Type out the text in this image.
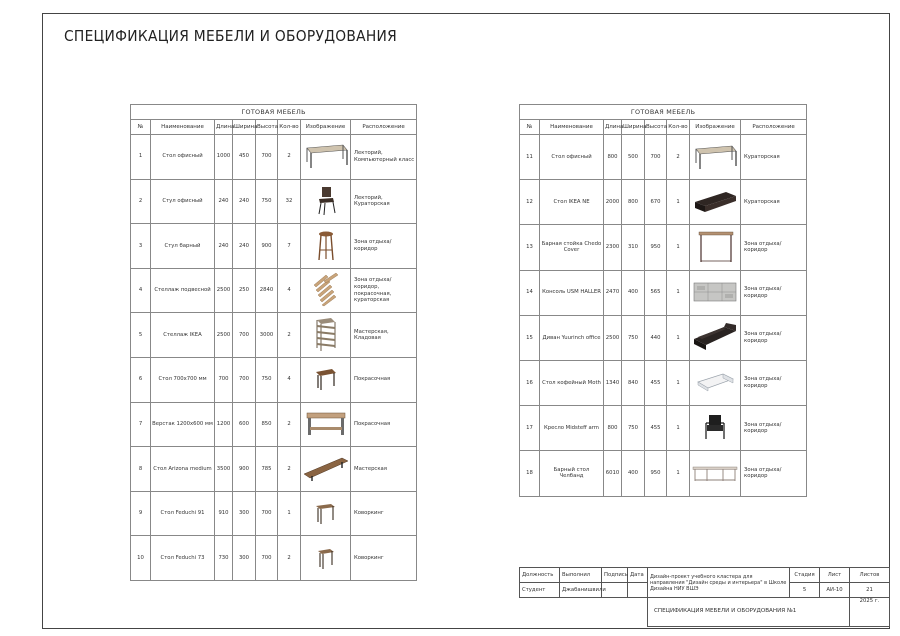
СПЕЦИФИКАЦИЯ МЕБЕЛИ И ОБОРУДОВАНИЯ
ГОТОВАЯ МЕБЕЛЬ							
№	Наименование	Длина	Ширина	Высота	Кол-во	Изображение	Расположение
1	Стол офисный	1000	450	700	2		Лекторий, Компьютерный класс
2	Стул офисный	240	240	750	32		Лекторий, Кураторская
3	Стул барный	240	240	900	7		Зона отдыха/ коридор
4	Стеллаж подвесной	2500	250	2840	4		Зона отдыха/ коридор, покрасочная, кураторская
5	Стеллаж IKEA	2500	700	3000	2		Мастерская, Кладовая
6	Стол 700х700 мм	700	700	750	4		Покрасочная
7	Верстак 1200х600 мм	1200	600	850	2		Покрасочная
8	Стол Arizona medium	3500	900	785	2		Мастерская
9	Стол Feduchi 91	910	300	700	1		Коворкинг
10	Стол Feduchi 73	730	300	700	2		Коворкинг
ГОТОВАЯ МЕБЕЛЬ							
№	Наименование	Длина	Ширина	Высота	Кол-во	Изображение	Расположение
11	Стол офисный	800	500	700	2		Кураторская
12	Стол IKEA NЕ	2000	800	670	1		Кураторская
13	Барная стойка Chedo Cover	2300	310	950	1		Зона отдыха/ коридор
14	Консоль USM HALLER	2470	400	565	1		Зона отдыха/ коридор
15	Диван Yuurinch office	2500	750	440	1		Зона отдыха/ коридор
16	Стол кофейный Moth	1340	840	455	1		Зона отдыха/ коридор
17	Кресло Midsteff arm	800	750	455	1		Зона отдыха/ коридор
18	Барный стол Челбанд	6010	400	950	1		Зона отдыха/ коридор
Должность	Выполнил	Подпись	Дата	Дизайн-проект учебного кластера для направления "Дизайн среды и интерьера" в Школе Дизайна НИУ ВШЭ	Стадия	Лист	Листов
Студент	Джабанишвили				5	АИ-10	21
				СПЕЦИФИКАЦИЯ МЕБЕЛИ И ОБОРУДОВАНИЯ №1			2025 г.
